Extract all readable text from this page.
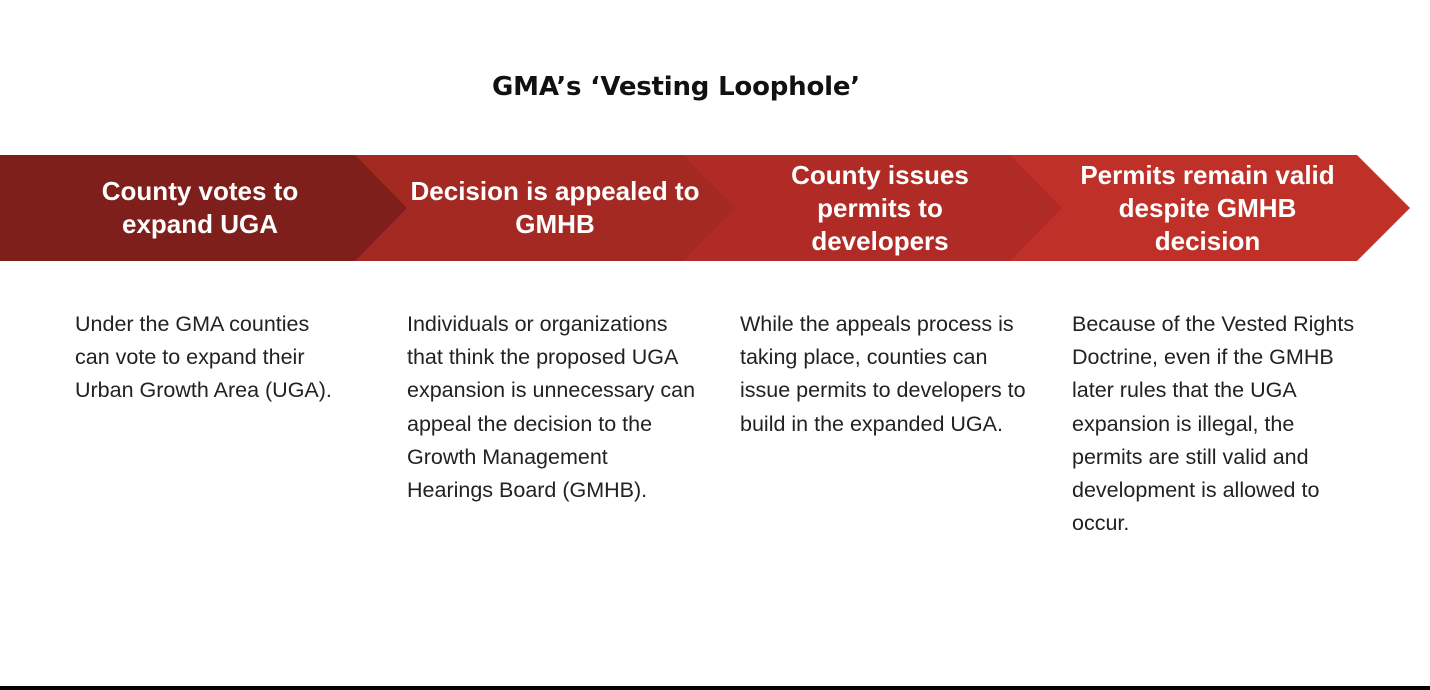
GMA’s ‘Vesting Loophole’
County votes to expand UGA
Decision is appealed to GMHB
County issues permits to developers
Permits remain valid despite GMHB decision
Under the GMA counties can vote to expand their Urban Growth Area (UGA).
Individuals or organizations that think the proposed UGA expansion is unnecessary can appeal the decision to the Growth Management Hearings Board (GMHB).
While the appeals process is taking place, counties can issue permits to developers to build in the expanded UGA.
Because of the Vested Rights Doctrine, even if the GMHB later rules that the UGA expansion is illegal, the permits are still valid and development is allowed to occur.
